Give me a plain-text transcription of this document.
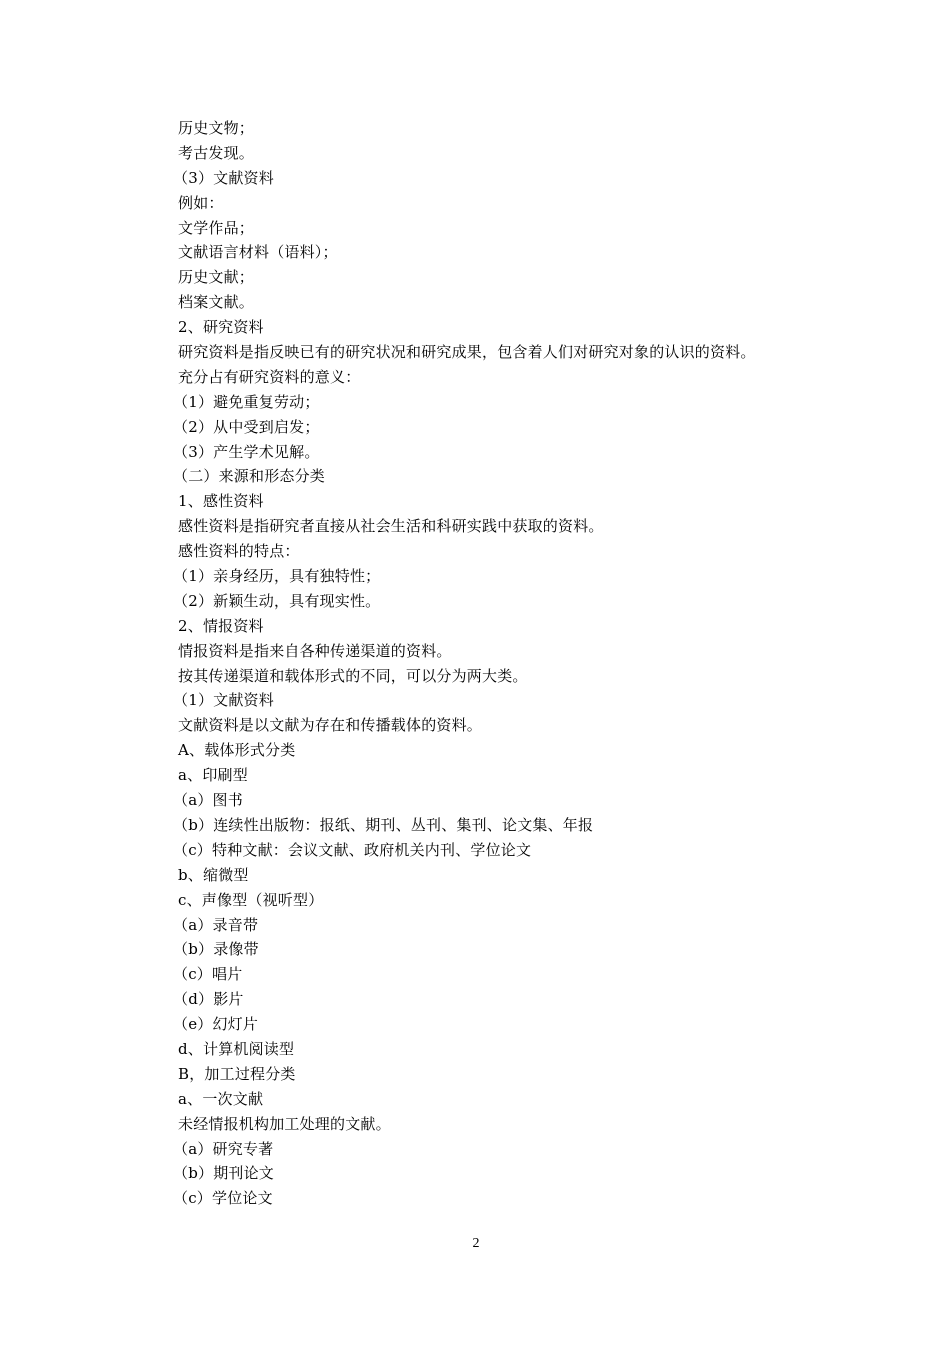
历史文物；
考古发现。
（3）文献资料
例如：
文学作品；
文献语言材料（语料）；
历史文献；
档案文献。
2、研究资料
研究资料是指反映已有的研究状况和研究成果，包含着人们对研究对象的认识的资料。
充分占有研究资料的意义：
（1）避免重复劳动；
（2）从中受到启发；
（3）产生学术见解。
（二）来源和形态分类
1、感性资料
感性资料是指研究者直接从社会生活和科研实践中获取的资料。
感性资料的特点：
（1）亲身经历，具有独特性；
（2）新颖生动，具有现实性。
2、情报资料
情报资料是指来自各种传递渠道的资料。
按其传递渠道和载体形式的不同，可以分为两大类。
（1）文献资料
文献资料是以文献为存在和传播载体的资料。
A、载体形式分类
a、印刷型
（a）图书
（b）连续性出版物：报纸、期刊、丛刊、集刊、论文集、年报
（c）特种文献：会议文献、政府机关内刊、学位论文
b、缩微型
c、声像型（视听型）
（a）录音带
（b）录像带
（c）唱片
（d）影片
（e）幻灯片
d、计算机阅读型
B，加工过程分类
a、一次文献
未经情报机构加工处理的文献。
（a）研究专著
（b）期刊论文
（c）学位论文
2
